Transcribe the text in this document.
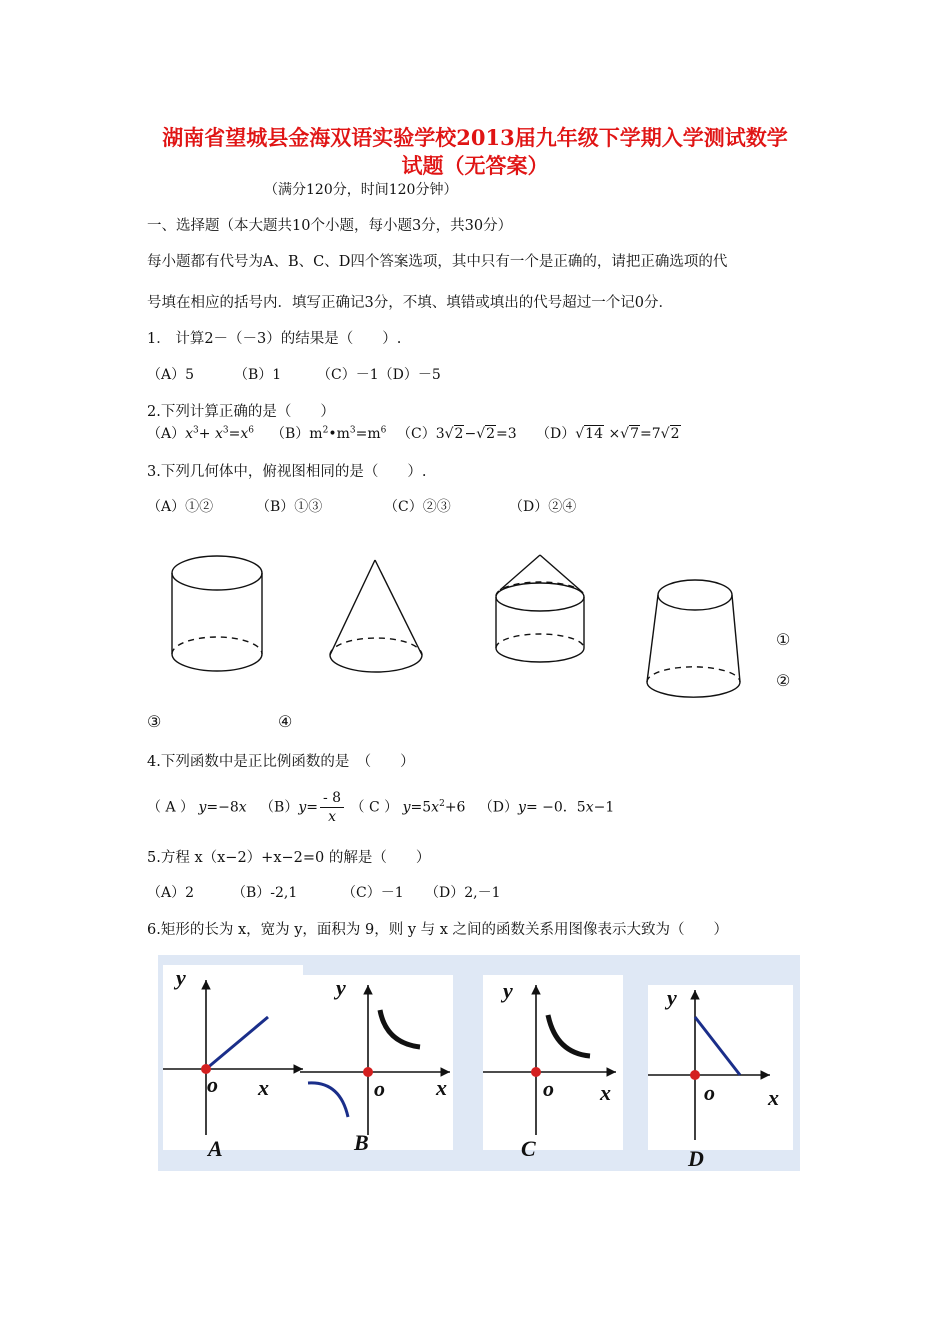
湖南省望城县金海双语实验学校2013届九年级下学期入学测试数学
试题（无答案）
（满分120分，时间120分钟）
一、选择题（本大题共10个小题，每小题3分，共30分）
每小题都有代号为A、B、C、D四个答案选项，其中只有一个是正确的，请把正确选项的代
号填在相应的括号内．填写正确记3分，不填、填错或填出的代号超过一个记0分．
1． 计算2－（－3）的结果是（　　）.
（A）5	（B）1	（C）－1（D）－5
2.下列计算正确的是（　　）
$(A)x^3+ x^3=x^6$ $(B)m^2•m^3=m^6$ （C）3√2−√2=3 （D）√14 ×√7=7√2
3.下列几何体中，俯视图相同的是（　　）.
（A）①②	（B）①③	（C）②③	（D）②④
①
②
③	④
4.下列函数中是正比例函数的是　（　　）
（ A ） y=−8x $(B)y= \frac{- 8}{x}$ （ C ） $y=5x^2+6$   （D）y= −0．5x−1
5.方程 x（x−2）+x−2=0 的解是（　　）
（A）2	（B）-2,1	（C）－1 （D）2,－1
6.矩形的长为 x，宽为 y，面积为 9，则 y 与 x 之间的函数关系用图像表示大致为（　　）
y
o x
A
y
o x
B
y
o x
C
y
o x
D
